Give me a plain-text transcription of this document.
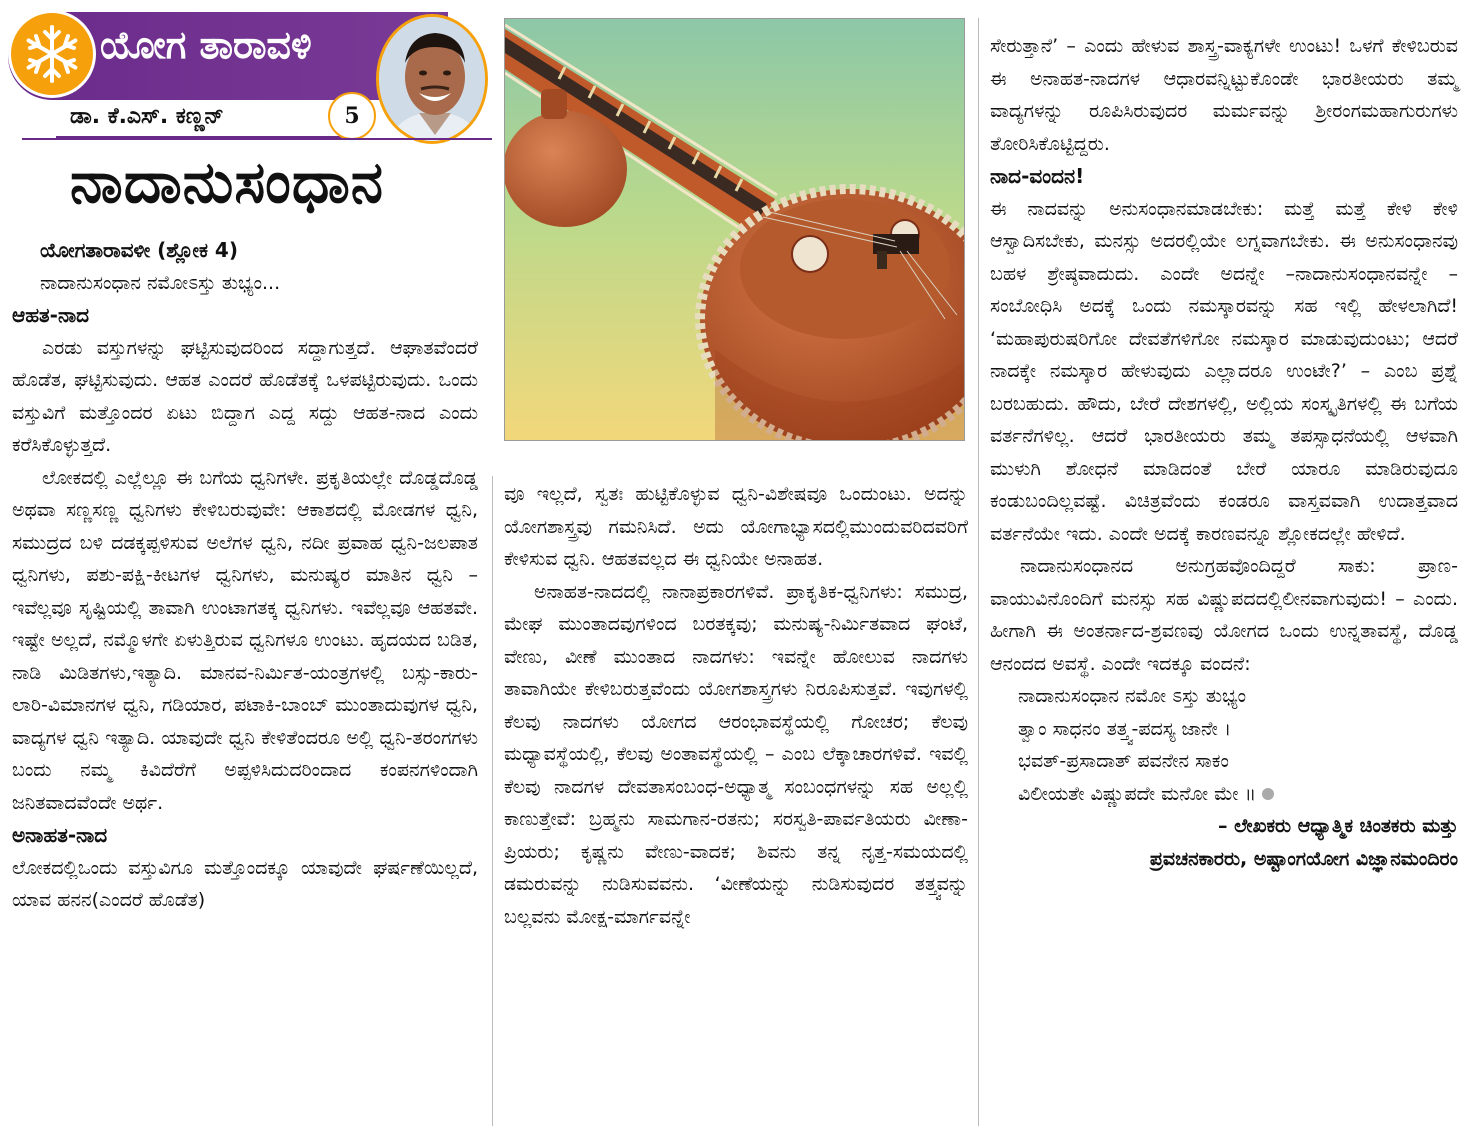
ಯೋಗ ತಾರಾವಳಿ
ಡಾ. ಕೆ.ಎಸ್. ಕಣ್ಣನ್	5
ನಾದಾನುಸಂಧಾನ

ಯೋಗತಾರಾವಳೀ (ಶ್ಲೋಕ 4)

ನಾದಾನುಸಂಧಾನ ನಮೋಽಸ್ತು ತುಭ್ಯಂ...

ಆಹತ-ನಾದ

ಎರಡು ವಸ್ತುಗಳನ್ನು ಘಟ್ಟಿಸುವುದರಿಂದ ಸದ್ದಾಗುತ್ತದೆ. ಆಘಾತವೆಂದರೆ ಹೊಡೆತ, ಘಟ್ಟಿಸುವುದು. ಆಹತ ಎಂದರೆ ಹೊಡೆತಕ್ಕೆ ಒಳಪಟ್ಟಿರುವುದು. ಒಂದು ವಸ್ತುವಿಗೆ ಮತ್ತೊಂದರ ಏಟು ಬಿದ್ದಾಗ ಎದ್ದ ಸದ್ದು ಆಹತ-ನಾದ ಎಂದು ಕರೆಸಿಕೊಳ್ಳುತ್ತದೆ.

ಲೋಕದಲ್ಲಿ ಎಲ್ಲೆಲ್ಲೂ ಈ ಬಗೆಯ ಧ್ವನಿಗಳೇ. ಪ್ರಕೃತಿಯಲ್ಲೇ ದೊಡ್ಡದೊಡ್ಡ ಅಥವಾ ಸಣ್ಣಸಣ್ಣ ಧ್ವನಿಗಳು ಕೇಳಿಬರುವುವೇ: ಆಕಾಶದಲ್ಲಿ ಮೋಡಗಳ ಧ್ವನಿ, ಸಮುದ್ರದ ಬಳಿ ದಡಕ್ಕಪ್ಪಳಿಸುವ ಅಲೆಗಳ ಧ್ವನಿ, ನದೀ ಪ್ರವಾಹ ಧ್ವನಿ-ಜಲಪಾತ ಧ್ವನಿಗಳು, ಪಶು-ಪಕ್ಷಿ-ಕೀಟಗಳ ಧ್ವನಿಗಳು, ಮನುಷ್ಯರ ಮಾತಿನ ಧ್ವನಿ – ಇವೆಲ್ಲವೂ ಸೃಷ್ಟಿಯಲ್ಲಿ ತಾವಾಗಿ ಉಂಟಾಗತಕ್ಕ ಧ್ವನಿಗಳು. ಇವೆಲ್ಲವೂ ಆಹತವೇ. ಇಷ್ಟೇ ಅಲ್ಲದೆ, ನಮ್ಮೊಳಗೇ ಏಳುತ್ತಿರುವ ಧ್ವನಿಗಳೂ ಉಂಟು. ಹೃದಯದ ಬಡಿತ, ನಾಡಿ ಮಿಡಿತಗಳು,ಇತ್ಯಾದಿ. ಮಾನವ-ನಿರ್ಮಿತ-ಯಂತ್ರಗಳಲ್ಲಿ ಬಸ್ಸು-ಕಾರು-ಲಾರಿ-ವಿಮಾನಗಳ ಧ್ವನಿ, ಗಡಿಯಾರ, ಪಟಾಕಿ-ಬಾಂಬ್ ಮುಂತಾದುವುಗಳ ಧ್ವನಿ, ವಾದ್ಯಗಳ ಧ್ವನಿ ಇತ್ಯಾದಿ. ಯಾವುದೇ ಧ್ವನಿ ಕೇಳಿತೆಂದರೂ ಅಲ್ಲಿ ಧ್ವನಿ-ತರಂಗಗಳು ಬಂದು ನಮ್ಮ ಕಿವಿದೆರೆಗೆ ಅಪ್ಪಳಿಸಿದುದರಿಂದಾದ ಕಂಪನಗಳಿಂದಾಗಿ ಜನಿತವಾದವೆಂದೇ ಅರ್ಥ.

ಅನಾಹತ-ನಾದ

ಲೋಕದಲ್ಲಿಒಂದು ವಸ್ತುವಿಗೂ ಮತ್ತೊಂದಕ್ಕೂ ಯಾವುದೇ ಘರ್ಷಣೆಯಿಲ್ಲದೆ, ಯಾವ ಹನನ(ಎಂದರೆ ಹೊಡೆತ)

ವೂ ಇಲ್ಲದೆ, ಸ್ವತಃ ಹುಟ್ಟಿಕೊಳ್ಳುವ ಧ್ವನಿ-ವಿಶೇಷವೂ ಒಂದುಂಟು. ಅದನ್ನು ಯೋಗಶಾಸ್ತ್ರವು ಗಮನಿಸಿದೆ. ಅದು ಯೋಗಾಭ್ಯಾಸದಲ್ಲಿಮುಂದುವರಿದವರಿಗೆ ಕೇಳಿಸುವ ಧ್ವನಿ. ಆಹತವಲ್ಲದ ಈ ಧ್ವನಿಯೇ ಅನಾಹತ.

ಅನಾಹತ-ನಾದದಲ್ಲಿ ನಾನಾಪ್ರಕಾರಗಳಿವೆ. ಪ್ರಾಕೃತಿಕ-ಧ್ವನಿಗಳು: ಸಮುದ್ರ, ಮೇಘ ಮುಂತಾದವುಗಳಿಂದ ಬರತಕ್ಕವು; ಮನುಷ್ಯ-ನಿರ್ಮಿತವಾದ ಘಂಟೆ, ವೇಣು, ವೀಣೆ ಮುಂತಾದ ನಾದಗಳು: ಇವನ್ನೇ ಹೋಲುವ ನಾದಗಳು ತಾವಾಗಿಯೇ ಕೇಳಿಬರುತ್ತವೆಂದು ಯೋಗಶಾಸ್ತ್ರಗಳು ನಿರೂಪಿಸುತ್ತವೆ. ಇವುಗಳಲ್ಲಿ ಕೆಲವು ನಾದಗಳು ಯೋಗದ ಆರಂಭಾವಸ್ಥೆಯಲ್ಲಿ ಗೋಚರ; ಕೆಲವು ಮಧ್ಯಾವಸ್ಥೆಯಲ್ಲಿ, ಕೆಲವು ಅಂತಾವಸ್ಥೆಯಲ್ಲಿ – ಎಂಬ ಲೆಕ್ಕಾಚಾರಗಳಿವೆ. ಇವಲ್ಲಿ ಕೆಲವು ನಾದಗಳ ದೇವತಾಸಂಬಂಧ-ಅಧ್ಯಾತ್ಮ ಸಂಬಂಧಗಳನ್ನು ಸಹ ಅಲ್ಲಲ್ಲಿ ಕಾಣುತ್ತೇವೆ: ಬ್ರಹ್ಮನು ಸಾಮಗಾನ-ರತನು; ಸರಸ್ವತಿ-ಪಾರ್ವತಿಯರು ವೀಣಾ-ಪ್ರಿಯರು; ಕೃಷ್ಣನು ವೇಣು-ವಾದಕ; ಶಿವನು ತನ್ನ ನೃತ್ತ-ಸಮಯದಲ್ಲಿ ಡಮರುವನ್ನು ನುಡಿಸುವವನು. ‘ವೀಣೆಯನ್ನು ನುಡಿಸುವುದರ ತತ್ತ್ವವನ್ನು ಬಲ್ಲವನು ಮೋಕ್ಷ-ಮಾರ್ಗವನ್ನೇ

ಸೇರುತ್ತಾನೆ’ – ಎಂದು ಹೇಳುವ ಶಾಸ್ತ್ರ-ವಾಕ್ಯಗಳೇ ಉಂಟು! ಒಳಗೆ ಕೇಳಿಬರುವ ಈ ಅನಾಹತ-ನಾದಗಳ ಆಧಾರವನ್ನಿಟ್ಟುಕೊಂಡೇ ಭಾರತೀಯರು ತಮ್ಮ ವಾದ್ಯಗಳನ್ನು ರೂಪಿಸಿರುವುದರ ಮರ್ಮವನ್ನು ಶ್ರೀರಂಗಮಹಾಗುರುಗಳು ತೋರಿಸಿಕೊಟ್ಟಿದ್ದರು.

ನಾದ-ವಂದನ!

ಈ ನಾದವನ್ನು ಅನುಸಂಧಾನಮಾಡಬೇಕು: ಮತ್ತೆ ಮತ್ತೆ ಕೇಳಿ ಕೇಳಿ ಆಸ್ವಾದಿಸಬೇಕು, ಮನಸ್ಸು ಅದರಲ್ಲಿಯೇ ಲಗ್ನವಾಗಬೇಕು. ಈ ಅನುಸಂಧಾನವು ಬಹಳ ಶ್ರೇಷ್ಠವಾದುದು. ಎಂದೇ ಅದನ್ನೇ –ನಾದಾನುಸಂಧಾನವನ್ನೇ – ಸಂಬೋಧಿಸಿ ಅದಕ್ಕೆ ಒಂದು ನಮಸ್ಕಾರವನ್ನು ಸಹ ಇಲ್ಲಿ ಹೇಳಲಾಗಿದೆ! ‘ಮಹಾಪುರುಷರಿಗೋ ದೇವತೆಗಳಿಗೋ ನಮಸ್ಕಾರ ಮಾಡುವುದುಂಟು; ಆದರೆ ನಾದಕ್ಕೇ ನಮಸ್ಕಾರ ಹೇಳುವುದು ಎಲ್ಲಾದರೂ ಉಂಟೇ?’ – ಎಂಬ ಪ್ರಶ್ನೆ ಬರಬಹುದು. ಹೌದು, ಬೇರೆ ದೇಶಗಳಲ್ಲಿ, ಅಲ್ಲಿಯ ಸಂಸ್ಕೃತಿಗಳಲ್ಲಿ ಈ ಬಗೆಯ ವರ್ತನೆಗಳಿಲ್ಲ. ಆದರೆ ಭಾರತೀಯರು ತಮ್ಮ ತಪಸ್ಸಾಧನೆಯಲ್ಲಿ ಆಳವಾಗಿ ಮುಳುಗಿ ಶೋಧನೆ ಮಾಡಿದಂತೆ ಬೇರೆ ಯಾರೂ ಮಾಡಿರುವುದೂ ಕಂಡುಬಂದಿಲ್ಲವಷ್ಟೆ. ವಿಚಿತ್ರವೆಂದು ಕಂಡರೂ ವಾಸ್ತವವಾಗಿ ಉದಾತ್ತವಾದ ವರ್ತನೆಯೇ ಇದು. ಎಂದೇ ಅದಕ್ಕೆ ಕಾರಣವನ್ನೂ ಶ್ಲೋಕದಲ್ಲೇ ಹೇಳಿದೆ.

ನಾದಾನುಸಂಧಾನದ ಅನುಗ್ರಹವೊಂದಿದ್ದರೆ ಸಾಕು: ಪ್ರಾಣ-ವಾಯುವಿನೊಂದಿಗೆ ಮನಸ್ಸು ಸಹ ವಿಷ್ಣುಪದದಲ್ಲಿಲೀನವಾಗುವುದು! – ಎಂದು. ಹೀಗಾಗಿ ಈ ಅಂತರ್ನಾದ-ಶ್ರವಣವು ಯೋಗದ ಒಂದು ಉನ್ನತಾವಸ್ಥೆ, ದೊಡ್ಡ ಆನಂದದ ಅವಸ್ಥೆ. ಎಂದೇ ಇದಕ್ಕೂ ವಂದನೆ:

ನಾದಾನುಸಂಧಾನ ನಮೋ ಽಸ್ತು ತುಭ್ಯಂ

ತ್ವಾಂ ಸಾಧನಂ ತತ್ತ್ವ-ಪದಸ್ಯ ಜಾನೇ ।

ಭವತ್-ಪ್ರಸಾದಾತ್ ಪವನೇನ ಸಾಕಂ

ವಿಲೀಯತೇ ವಿಷ್ಣುಪದೇ ಮನೋ ಮೇ ॥

– ಲೇಖಕರು ಆಧ್ಯಾತ್ಮಿಕ ಚಿಂತಕರು ಮತ್ತು

ಪ್ರವಚನಕಾರರು, ಅಷ್ಟಾಂಗಯೋಗ ವಿಜ್ಞಾನಮಂದಿರಂ
